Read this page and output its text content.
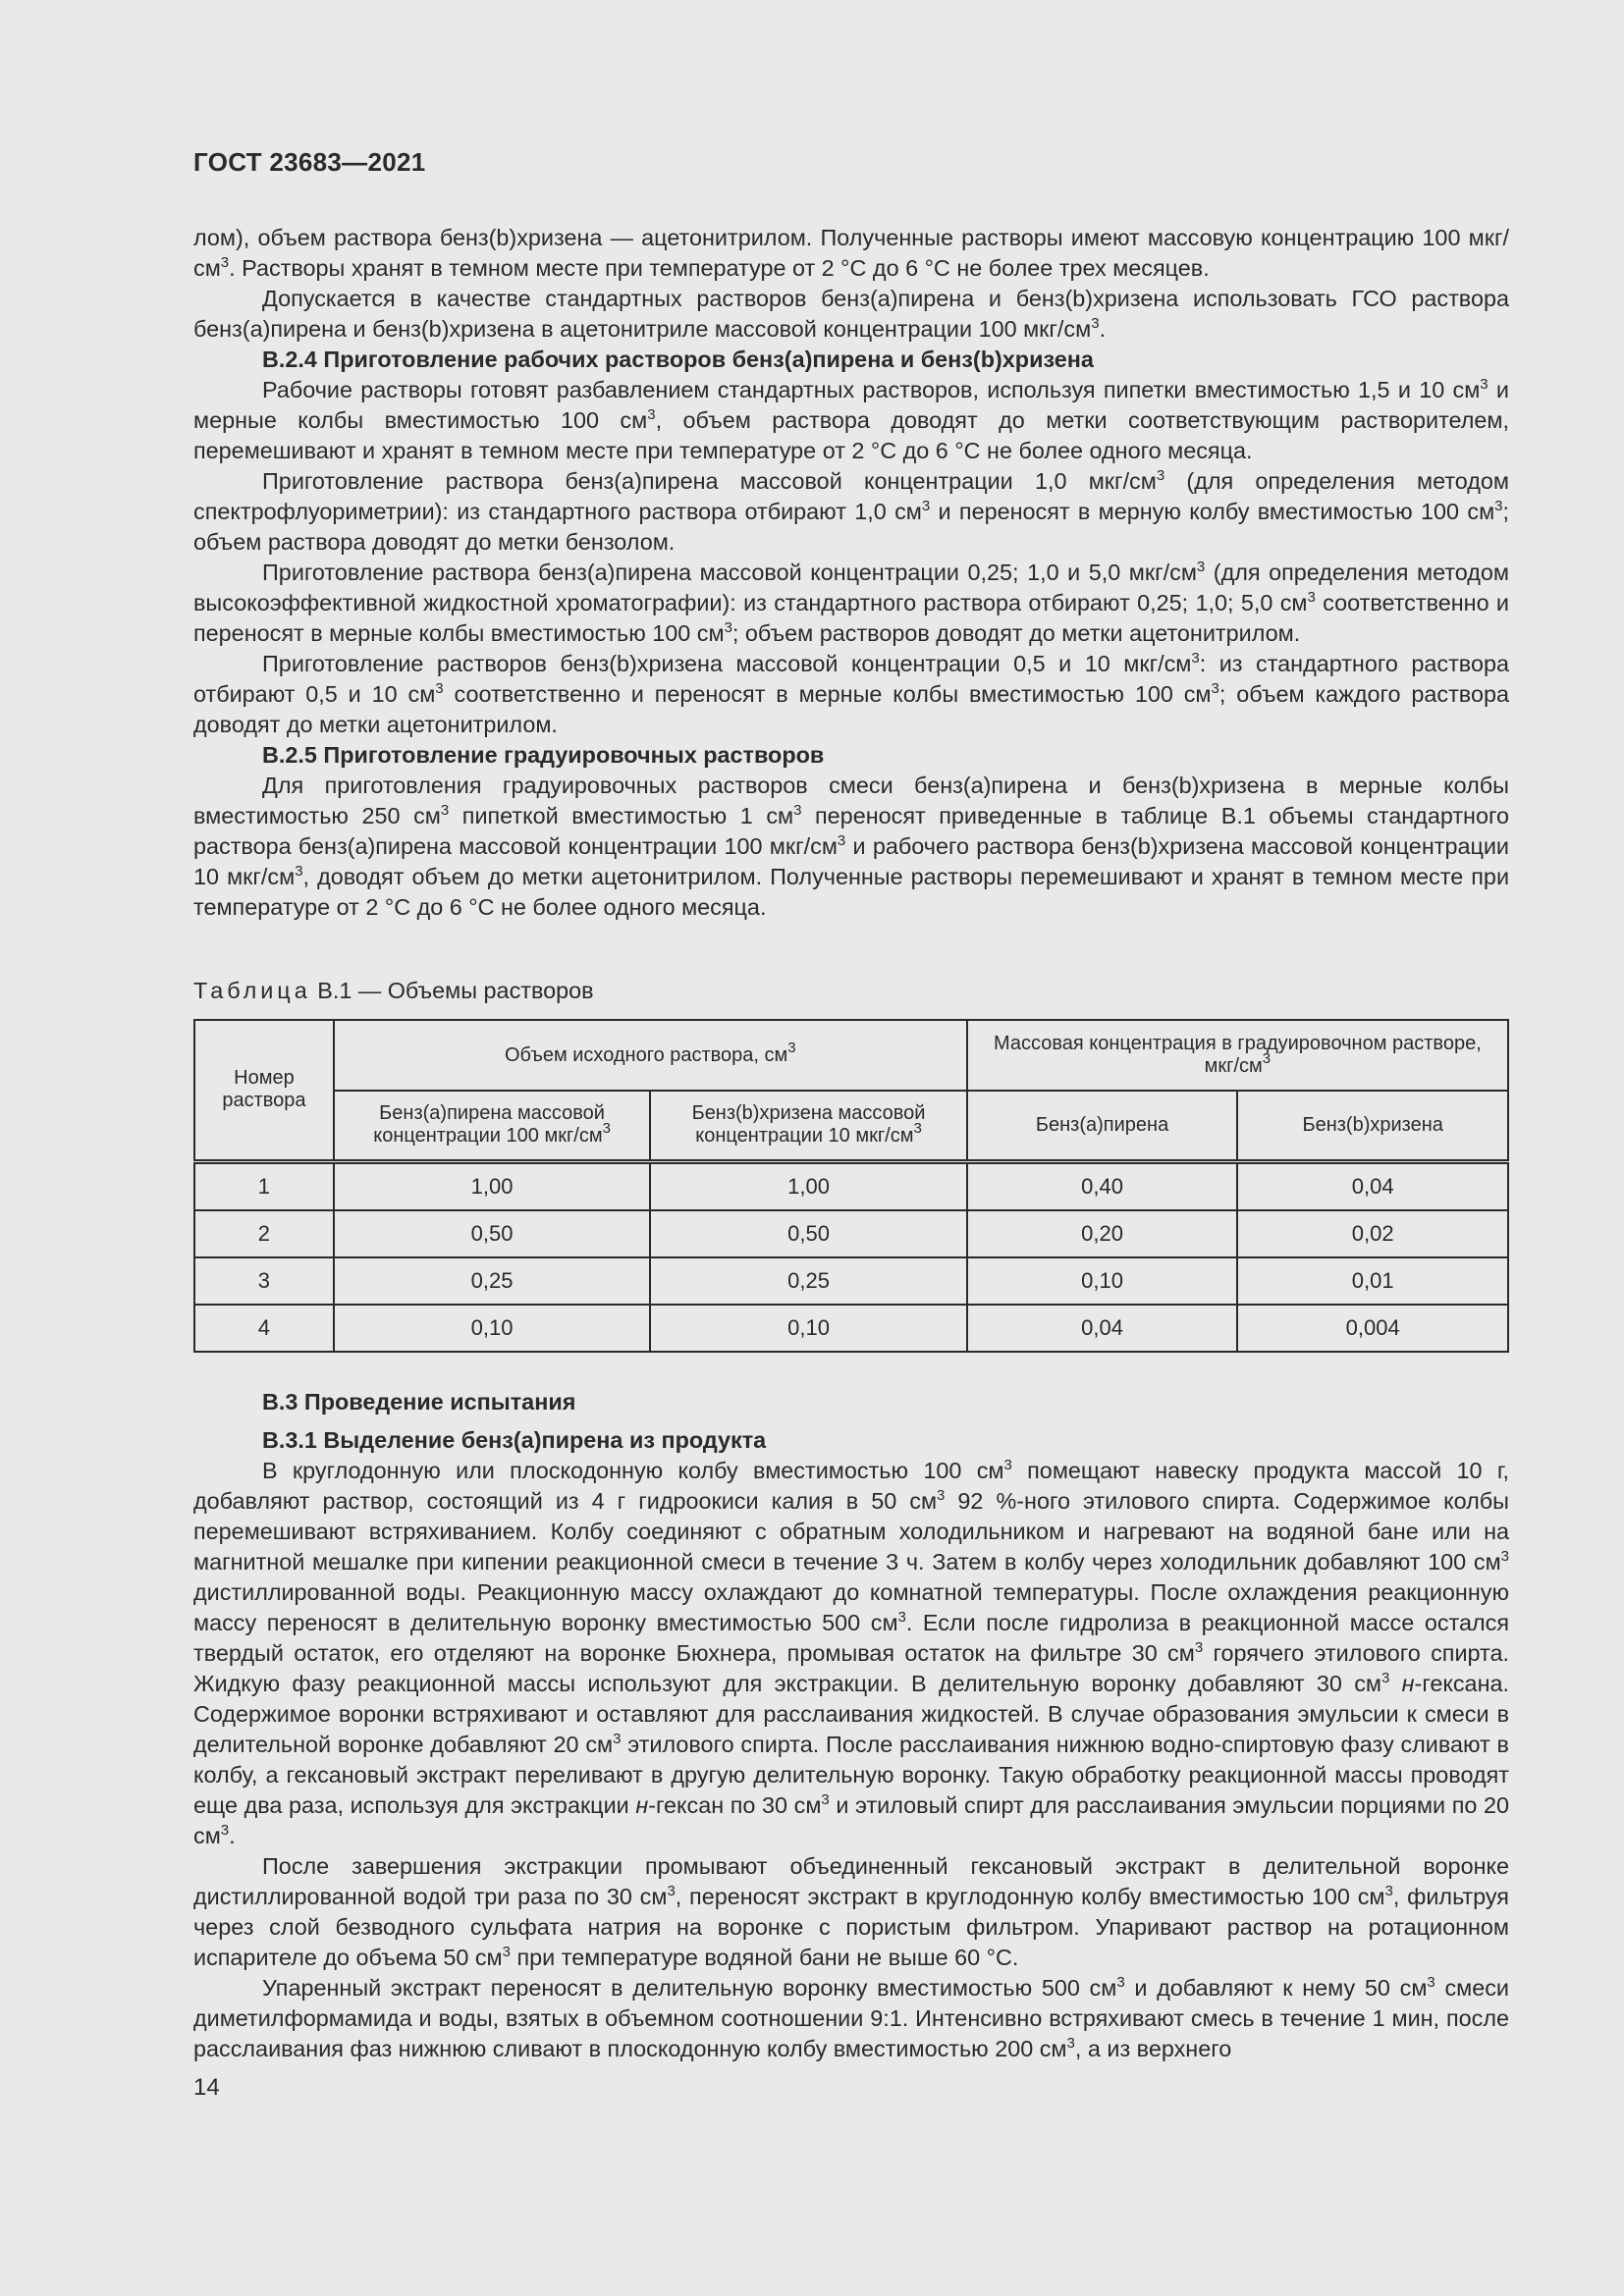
ГОСТ 23683—2021

лом), объем раствора бенз(b)хризена — ацетонитрилом. Полученные растворы имеют массовую концентрацию 100 мкг/$см^3$. Растворы хранят в темном месте при температуре от 2 °С до 6 °С не более трех месяцев.

Допускается в качестве стандартных растворов бенз(а)пирена и бенз(b)хризена использовать ГСО раствора бенз(а)пирена и бенз(b)хризена в ацетонитриле массовой концентрации 100 мкг/$см^3$.

В.2.4 Приготовление рабочих растворов бенз(а)пирена и бенз(b)хризена

Рабочие растворы готовят разбавлением стандартных растворов, используя пипетки вместимостью 1,5 и 10 $см^3$ и мерные колбы вместимостью 100 $см^3$, объем раствора доводят до метки соответствующим растворителем, перемешивают и хранят в темном месте при температуре от 2 °С до 6 °С не более одного месяца.

Приготовление раствора бенз(а)пирена массовой концентрации 1,0 мкг/$см^3$ (для определения методом спектрофлуориметрии): из стандартного раствора отбирают 1,0 $см^3$ и переносят в мерную колбу вместимостью 100 $см^3$; объем раствора доводят до метки бензолом.

Приготовление раствора бенз(а)пирена массовой концентрации 0,25; 1,0 и 5,0 мкг/$см^3$ (для определения методом высокоэффективной жидкостной хроматографии): из стандартного раствора отбирают 0,25; 1,0; 5,0 $см^3$ соответственно и переносят в мерные колбы вместимостью 100 $см^3$; объем растворов доводят до метки ацетонитрилом.

Приготовление растворов бенз(b)хризена массовой концентрации 0,5 и 10 мкг/$см^3$: из стандартного раствора отбирают 0,5 и 10 $см^3$ соответственно и переносят в мерные колбы вместимостью 100 $см^3$; объем каждого раствора доводят до метки ацетонитрилом.

В.2.5 Приготовление градуировочных растворов

Для приготовления градуировочных растворов смеси бенз(а)пирена и бенз(b)хризена в мерные колбы вместимостью 250 $см^3$ пипеткой вместимостью 1 $см^3$ переносят приведенные в таблице В.1 объемы стандартного раствора бенз(а)пирена массовой концентрации 100 мкг/$см^3$ и рабочего раствора бенз(b)хризена массовой концентрации 10 мкг/$см^3$, доводят объем до метки ацетонитрилом. Полученные растворы перемешивают и хранят в темном месте при температуре от 2 °С до 6 °С не более одного месяца.

Таблица В.1 — Объемы растворов
Номер раствора	Объем исходного раствора, $см^3$		Массовая концентрация в градуировочном растворе, мкг/$см^3$
	Бенз(а)пирена массовой концентрации 100 мкг/$см^3$	Бенз(b)хризена массовой концентрации 10 мкг/$см^3$	Бенз(а)пирена	Бенз(b)хризена
1	1,00	1,00	0,40	0,04
2	0,50	0,50	0,20	0,02
3	0,25	0,25	0,10	0,01
4	0,10	0,10	0,04	0,004

В.3 Проведение испытания

В.3.1 Выделение бенз(а)пирена из продукта

В круглодонную или плоскодонную колбу вместимостью 100 $см^3$ помещают навеску продукта массой 10 г, добавляют раствор, состоящий из 4 г гидроокиси калия в 50 $см^3$ 92 %-ного этилового спирта. Содержимое колбы перемешивают встряхиванием. Колбу соединяют с обратным холодильником и нагревают на водяной бане или на магнитной мешалке при кипении реакционной смеси в течение 3 ч. Затем в колбу через холодильник добавляют 100 $см^3$ дистиллированной воды. Реакционную массу охлаждают до комнатной температуры. После охлаждения реакционную массу переносят в делительную воронку вместимостью 500 $см^3$. Если после гидролиза в реакционной массе остался твердый остаток, его отделяют на воронке Бюхнера, промывая остаток на фильтре 30 $см^3$ горячего этилового спирта. Жидкую фазу реакционной массы используют для экстракции. В делительную воронку добавляют 30 $см^3$ н-гексана. Содержимое воронки встряхивают и оставляют для расслаивания жидкостей. В случае образования эмульсии к смеси в делительной воронке добавляют 20 $см^3$ этилового спирта. После расслаивания нижнюю водно-спиртовую фазу сливают в колбу, а гексановый экстракт переливают в другую делительную воронку. Такую обработку реакционной массы проводят еще два раза, используя для экстракции н-гексан по 30 $см^3$ и этиловый спирт для расслаивания эмульсии порциями по 20 $см^3$.

После завершения экстракции промывают объединенный гексановый экстракт в делительной воронке дистиллированной водой три раза по 30 $см^3$, переносят экстракт в круглодонную колбу вместимостью 100 $см^3$, фильтруя через слой безводного сульфата натрия на воронке с пористым фильтром. Упаривают раствор на ротационном испарителе до объема 50 $см^3$ при температуре водяной бани не выше 60 °С.

Упаренный экстракт переносят в делительную воронку вместимостью 500 $см^3$ и добавляют к нему 50 $см^3$ смеси диметилформамида и воды, взятых в объемном соотношении 9:1. Интенсивно встряхивают смесь в течение 1 мин, после расслаивания фаз нижнюю сливают в плоскодонную колбу вместимостью 200 $см^3$, а из верхнего

14
